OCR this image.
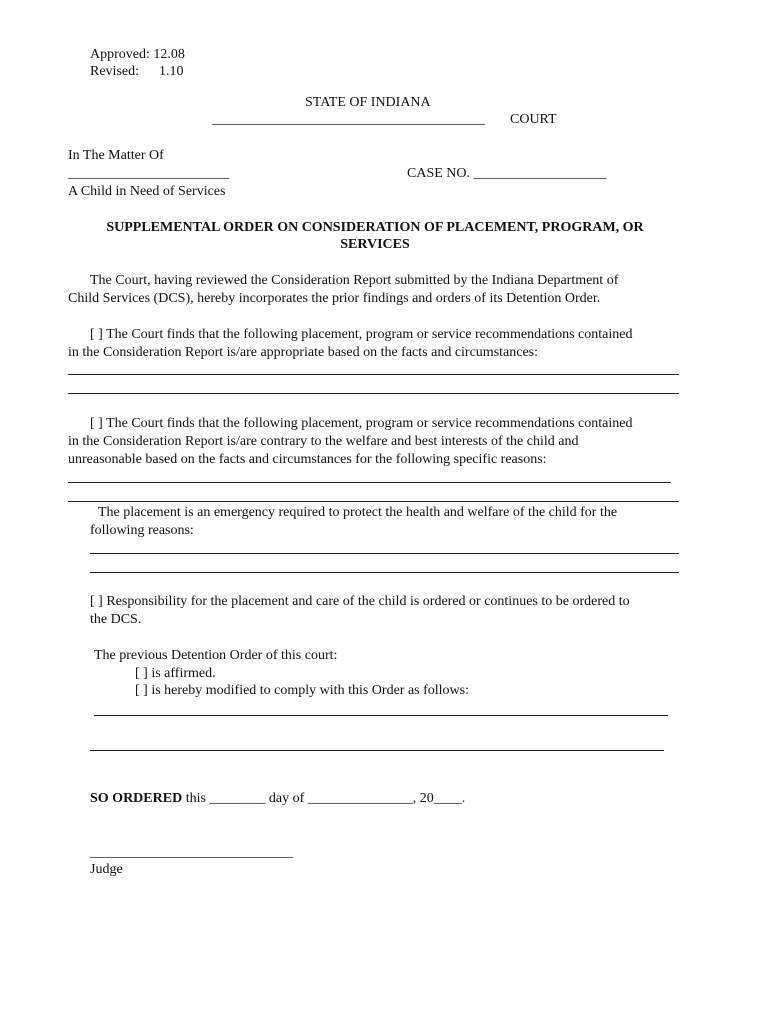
Approved: 12.08
Revised: 1.10
STATE OF INDIANA
_______________________________________ COURT
In The Matter Of
_______________________	CASE NO. ___________________
A Child in Need of Services
SUPPLEMENTAL ORDER ON CONSIDERATION OF PLACEMENT, PROGRAM, OR
SERVICES
The Court, having reviewed the Consideration Report submitted by the Indiana Department of
Child Services (DCS), hereby incorporates the prior findings and orders of its Detention Order.
[ ] The Court finds that the following placement, program or service recommendations contained
in the Consideration Report is/are appropriate based on the facts and circumstances:
[ ] The Court finds that the following placement, program or service recommendations contained
in the Consideration Report is/are contrary to the welfare and best interests of the child and
unreasonable based on the facts and circumstances for the following specific reasons:
The placement is an emergency required to protect the health and welfare of the child for the
following reasons:
[ ] Responsibility for the placement and care of the child is ordered or continues to be ordered to
the DCS.
The previous Detention Order of this court:
[ ] is affirmed.
[ ] is hereby modified to comply with this Order as follows:
SO ORDERED this ________ day of _______________, 20____.
_____________________________
Judge
